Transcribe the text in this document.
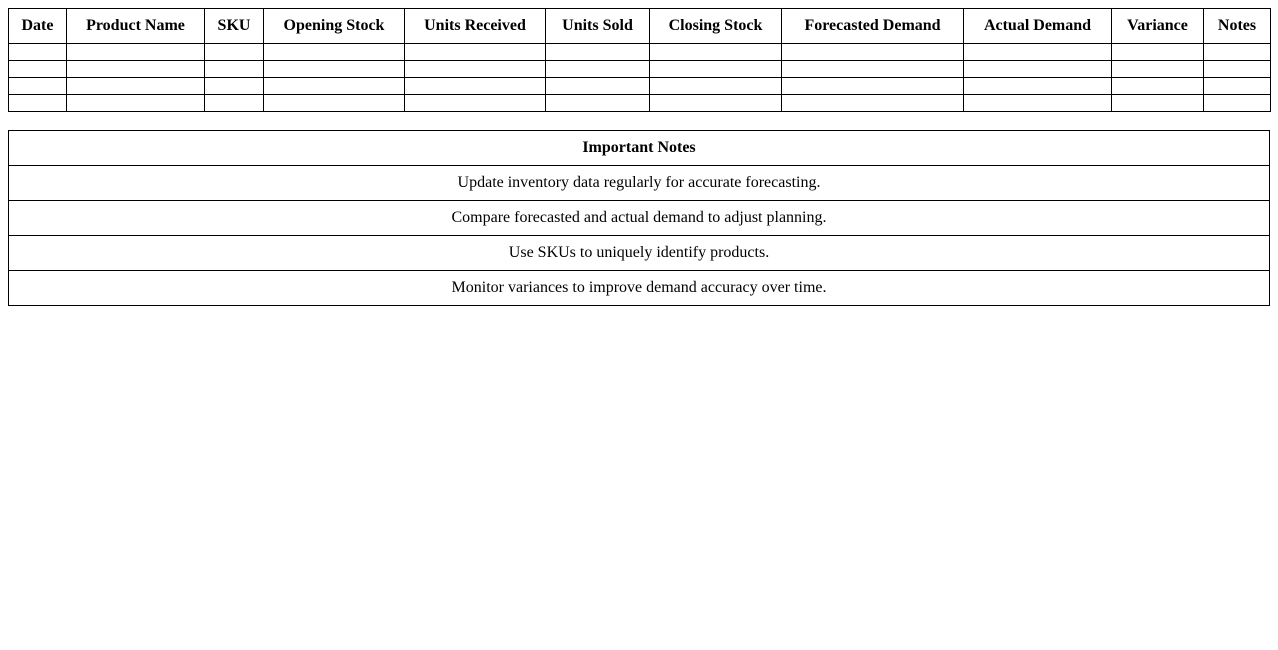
Date	Product Name	SKU	Opening Stock	Units Received	Units Sold	Closing Stock	Forecasted Demand	Actual Demand	Variance	Notes

Important Notes
Update inventory data regularly for accurate forecasting.
Compare forecasted and actual demand to adjust planning.
Use SKUs to uniquely identify products.
Monitor variances to improve demand accuracy over time.
